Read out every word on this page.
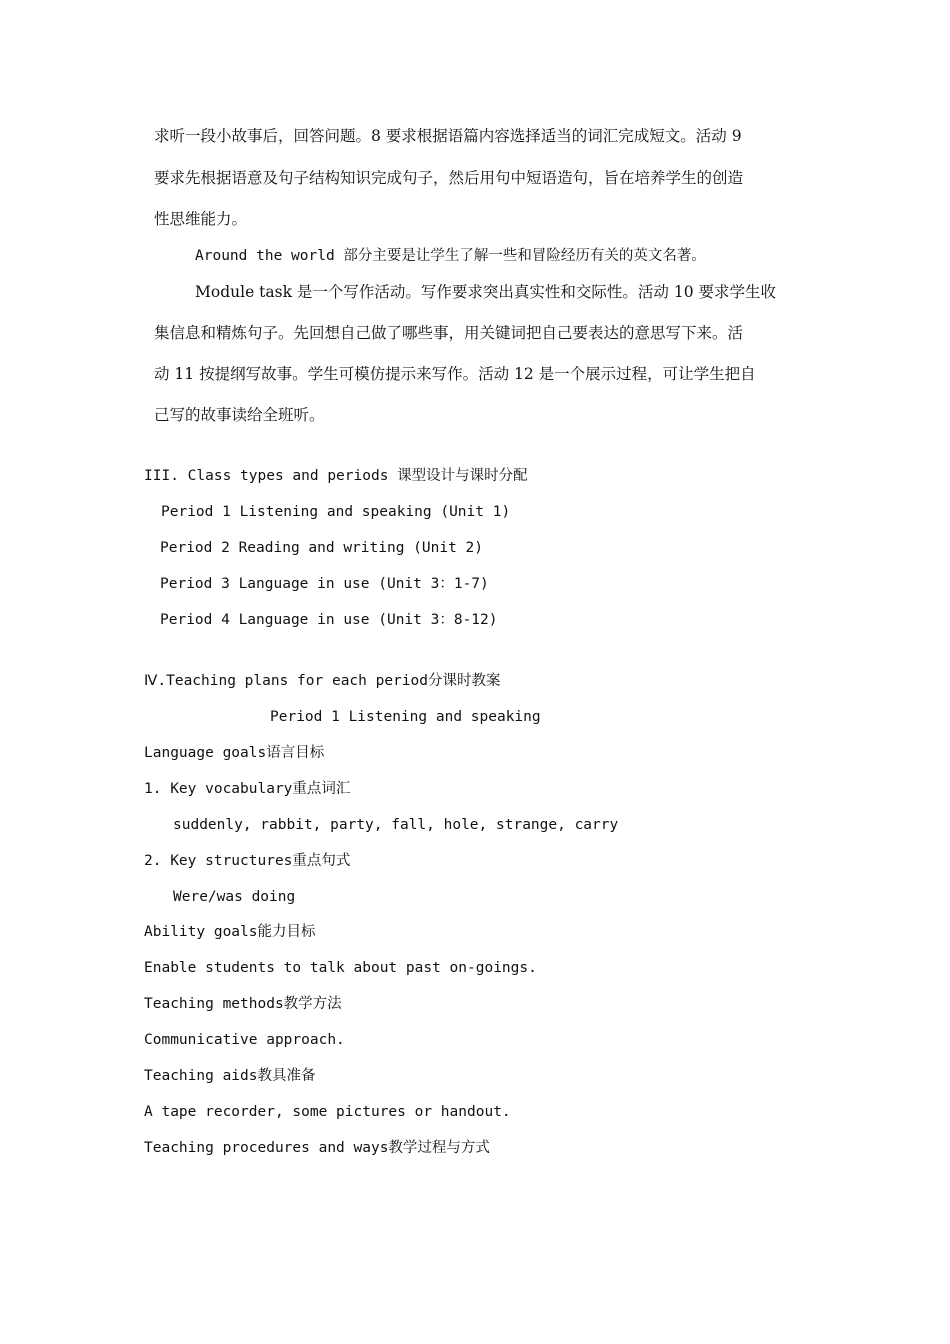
求听一段小故事后，回答问题。8 要求根据语篇内容选择适当的词汇完成短文。活动 9
要求先根据语意及句子结构知识完成句子，然后用句中短语造句，旨在培养学生的创造
性思维能力。
Around the world 部分主要是让学生了解一些和冒险经历有关的英文名著。
Module task 是一个写作活动。写作要求突出真实性和交际性。活动 10 要求学生收
集信息和精炼句子。先回想自己做了哪些事，用关键词把自己要表达的意思写下来。活
动 11 按提纲写故事。学生可模仿提示来写作。活动 12 是一个展示过程，可让学生把自
己写的故事读给全班听。
III. Class types and periods 课型设计与课时分配
Period 1 Listening and speaking (Unit 1)
Period 2 Reading and writing (Unit 2)
Period 3 Language in use (Unit 3：1-7)
Period 4 Language in use (Unit 3：8-12)
Ⅳ.Teaching plans for each period分课时教案
Period 1 Listening and speaking
Language goals语言目标
1. Key vocabulary重点词汇
suddenly, rabbit, party, fall, hole, strange, carry
2. Key structures重点句式
Were/was doing
Ability goals能力目标
Enable students to talk about past on-goings.
Teaching methods教学方法
Communicative approach.
Teaching aids教具准备
A tape recorder, some pictures or handout.
Teaching procedures and ways教学过程与方式
